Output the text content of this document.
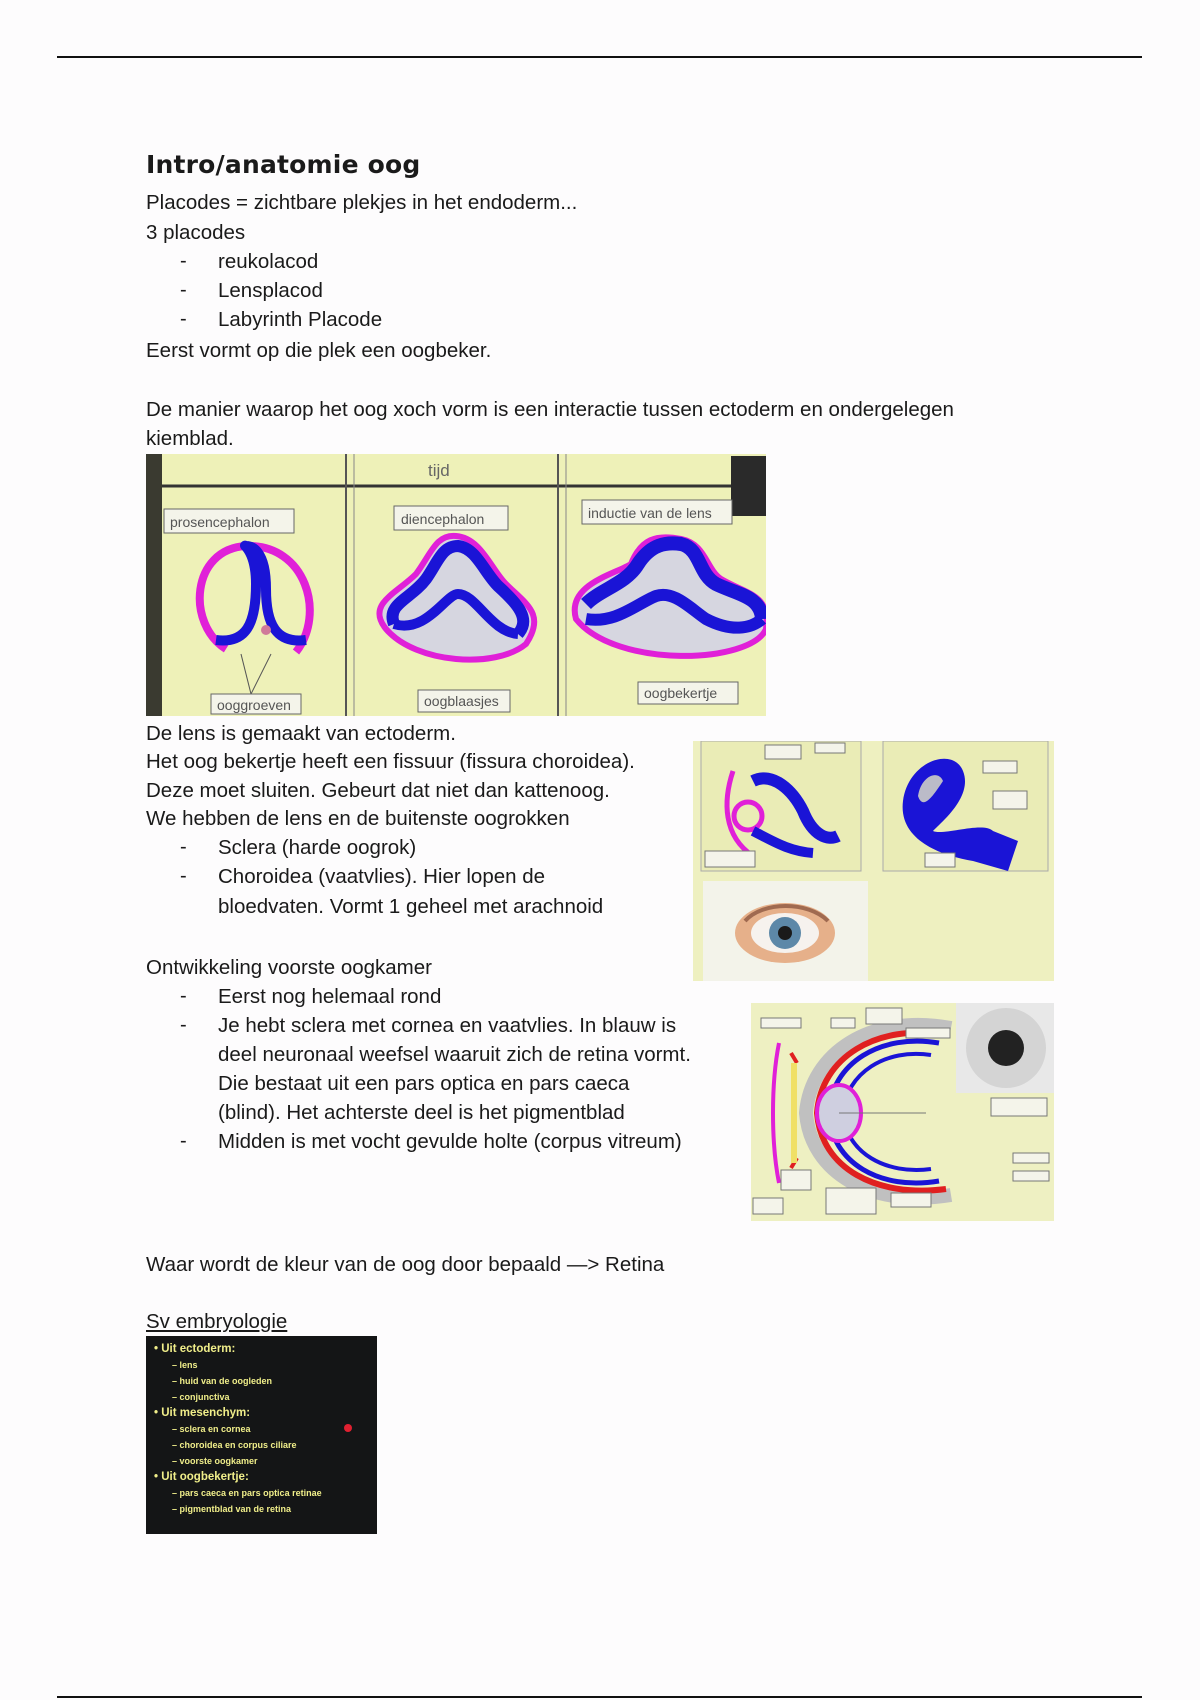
Intro/anatomie oog
Placodes = zichtbare plekjes in het endoderm...
3 placodes
- reukolacod
- Lensplacod
- Labyrinth Placode
Eerst vormt op die plek een oogbeker.
De manier waarop het oog xoch vorm is een interactie tussen ectoderm en ondergelegen
kiemblad.
tijd
prosencephalon	diencephalon	inductie van de lens
ooggroeven	oogblaasjes	oogbekertje
De lens is gemaakt van ectoderm.
Het oog bekertje heeft een fissuur (fissura choroidea).
Deze moet sluiten. Gebeurt dat niet dan kattenoog.
We hebben de lens en de buitenste oogrokken
- Sclera (harde oogrok)
- Choroidea (vaatvlies). Hier lopen de
bloedvaten. Vormt 1 geheel met arachnoid
Ontwikkeling voorste oogkamer
- Eerst nog helemaal rond
- Je hebt sclera met cornea en vaatvlies. In blauw is
deel neuronaal weefsel waaruit zich de retina vormt.
Die bestaat uit een pars optica en pars caeca
(blind). Het achterste deel is het pigmentblad
- Midden is met vocht gevulde holte (corpus vitreum)
Waar wordt de kleur van de oog door bepaald —> Retina
Sv embryologie
• Uit ectoderm:
– lens
– huid van de oogleden
– conjunctiva
• Uit mesenchym:
– sclera en cornea
– choroidea en corpus ciliare
– voorste oogkamer
• Uit oogbekertje:
– pars caeca en pars optica retinae
– pigmentblad van de retina
